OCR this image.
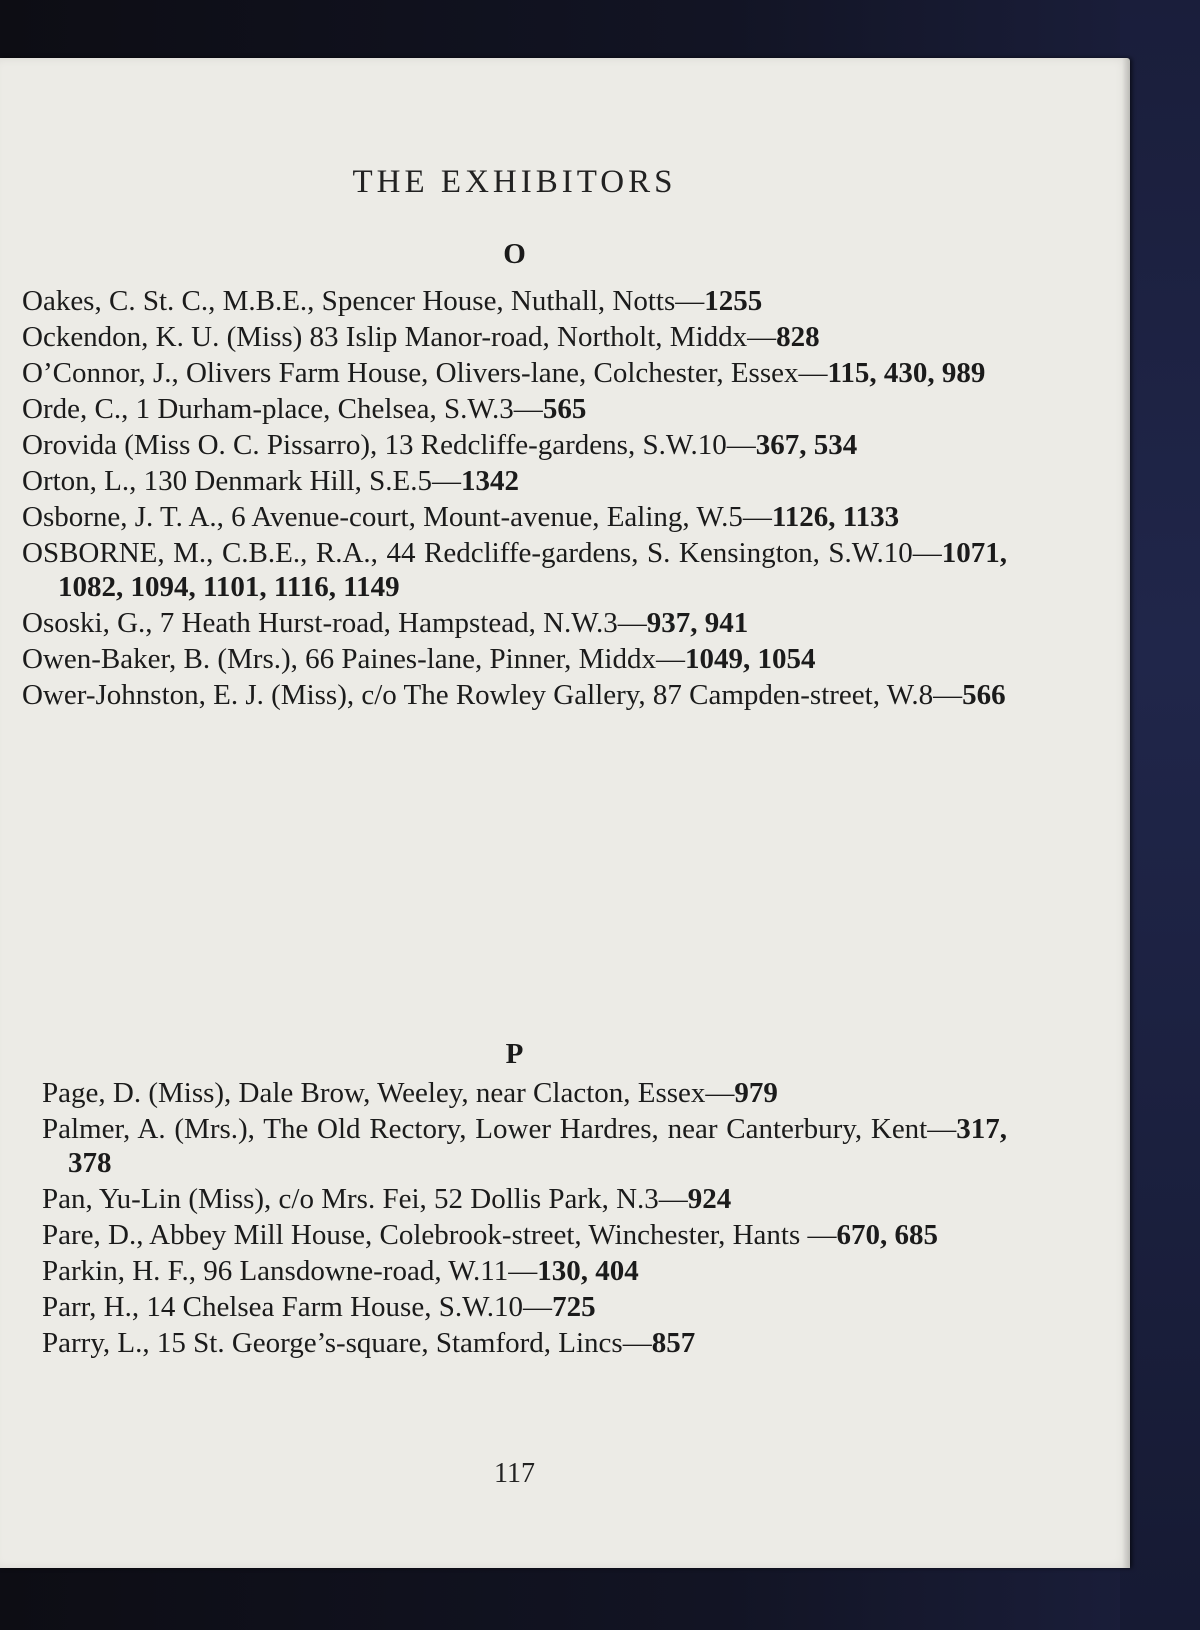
THE EXHIBITORS
O
Oakes, C. St. C., M.B.E., Spencer House, Nuthall, Notts—1255
Ockendon, K. U. (Miss) 83 Islip Manor-road, Northolt, Middx—828
O’Connor, J., Olivers Farm House, Olivers-lane, Colchester, Essex—115, 430, 989
Orde, C., 1 Durham-place, Chelsea, S.W.3—565
Orovida (Miss O. C. Pissarro), 13 Redcliffe-gardens, S.W.10—367, 534
Orton, L., 130 Denmark Hill, S.E.5—1342
Osborne, J. T. A., 6 Avenue-court, Mount-avenue, Ealing, W.5—1126, 1133
OSBORNE, M., C.B.E., R.A., 44 Redcliffe-gardens, S. Kensington, S.W.10—1071, 1082, 1094, 1101, 1116, 1149
Ososki, G., 7 Heath Hurst-road, Hampstead, N.W.3—937, 941
Owen-Baker, B. (Mrs.), 66 Paines-lane, Pinner, Middx—1049, 1054
Ower-Johnston, E. J. (Miss), c/o The Rowley Gallery, 87 Campden-street, W.8—566
P
Page, D. (Miss), Dale Brow, Weeley, near Clacton, Essex—979
Palmer, A. (Mrs.), The Old Rectory, Lower Hardres, near Canterbury, Kent—317, 378
Pan, Yu-Lin (Miss), c/o Mrs. Fei, 52 Dollis Park, N.3—924
Pare, D., Abbey Mill House, Colebrook-street, Winchester, Hants —670, 685
Parkin, H. F., 96 Lansdowne-road, W.11—130, 404
Parr, H., 14 Chelsea Farm House, S.W.10—725
Parry, L., 15 St. George’s-square, Stamford, Lincs—857
117
